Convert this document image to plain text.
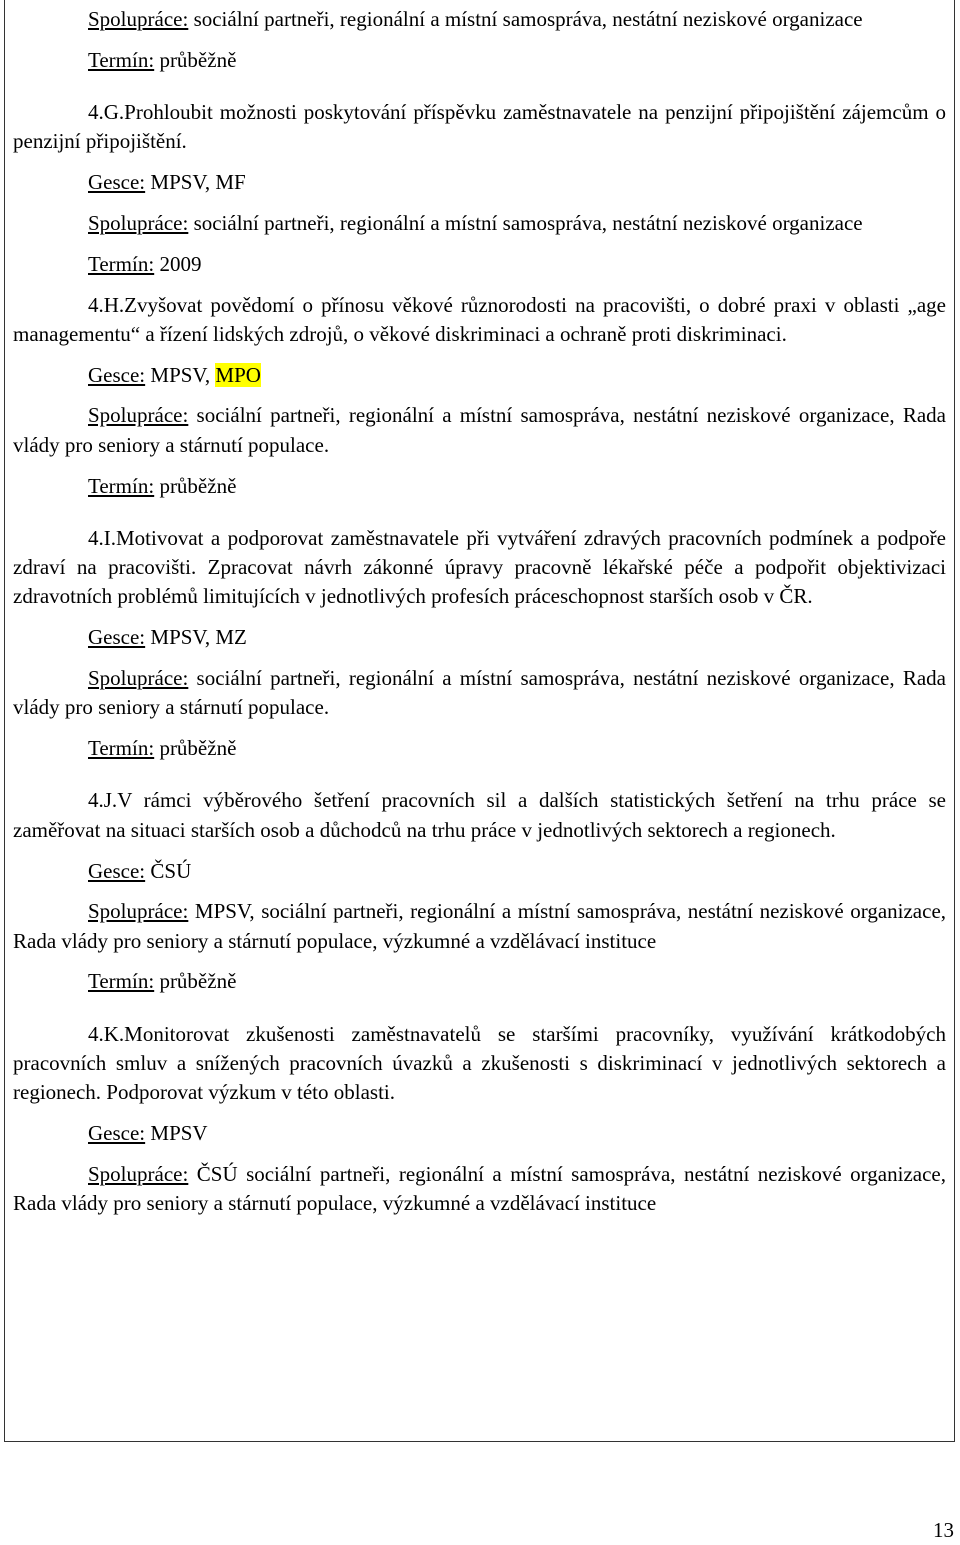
Spolupráce: sociální partneři, regionální a místní samospráva, nestátní neziskové organizace

Termín: průběžně

4.G.Prohloubit možnosti poskytování příspěvku zaměstnavatele na penzijní připojištění zájemcům o penzijní připojištění.

Gesce: MPSV, MF

Spolupráce: sociální partneři, regionální a místní samospráva, nestátní neziskové organizace

Termín: 2009

4.H.Zvyšovat povědomí o přínosu věkové různorodosti na pracovišti, o dobré praxi v oblasti „age managementu“ a řízení lidských zdrojů, o věkové diskriminaci a ochraně proti diskriminaci.

Gesce: MPSV, MPO

Spolupráce: sociální partneři, regionální a místní samospráva, nestátní neziskové organizace, Rada vlády pro seniory a stárnutí populace.

Termín: průběžně

4.I.Motivovat a podporovat zaměstnavatele při vytváření zdravých pracovních podmínek a podpoře zdraví na pracovišti. Zpracovat návrh zákonné úpravy pracovně lékařské péče a podpořit objektivizaci zdravotních problémů limitujících v jednotlivých profesích práceschopnost starších osob v ČR.

Gesce: MPSV, MZ

Spolupráce: sociální partneři, regionální a místní samospráva, nestátní neziskové organizace, Rada vlády pro seniory a stárnutí populace.

Termín: průběžně

4.J.V rámci výběrového šetření pracovních sil a dalších statistických šetření na trhu práce se zaměřovat na situaci starších osob a důchodců na trhu práce v jednotlivých sektorech a regionech.

Gesce: ČSÚ

Spolupráce: MPSV, sociální partneři, regionální a místní samospráva, nestátní neziskové organizace, Rada vlády pro seniory a stárnutí populace, výzkumné a vzdělávací instituce

Termín: průběžně

4.K.Monitorovat zkušenosti zaměstnavatelů se staršími pracovníky, využívání krátkodobých pracovních smluv a snížených pracovních úvazků a zkušenosti s diskriminací v jednotlivých sektorech a regionech. Podporovat výzkum v této oblasti.

Gesce: MPSV

Spolupráce: ČSÚ sociální partneři, regionální a místní samospráva, nestátní neziskové organizace, Rada vlády pro seniory a stárnutí populace, výzkumné a vzdělávací instituce

13
